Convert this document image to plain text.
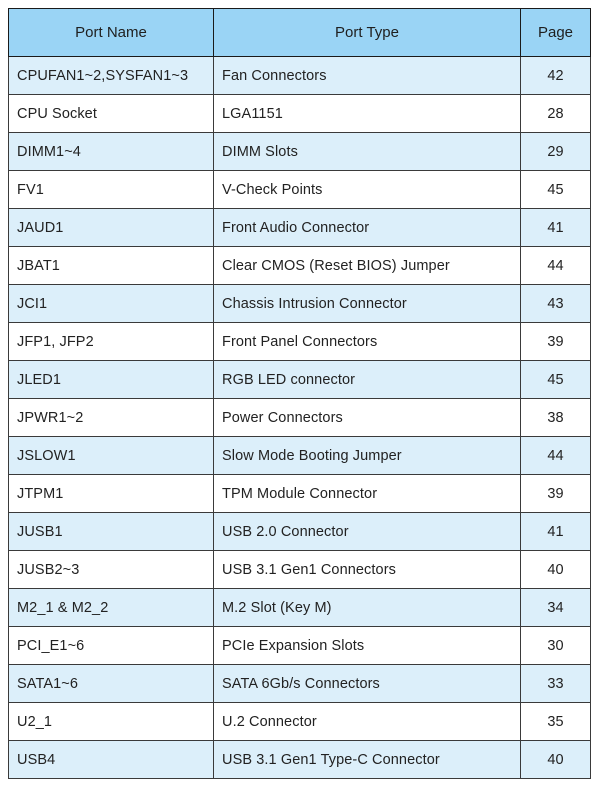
Port Name	Port Type	Page
CPUFAN1~2,SYSFAN1~3	Fan Connectors	42
CPU Socket	LGA1151	28
DIMM1~4	DIMM Slots	29
FV1	V-Check Points	45
JAUD1	Front Audio Connector	41
JBAT1	Clear CMOS (Reset BIOS) Jumper	44
JCI1	Chassis Intrusion Connector	43
JFP1, JFP2	Front Panel Connectors	39
JLED1	RGB LED connector	45
JPWR1~2	Power Connectors	38
JSLOW1	Slow Mode Booting Jumper	44
JTPM1	TPM Module Connector	39
JUSB1	USB 2.0 Connector	41
JUSB2~3	USB 3.1 Gen1 Connectors	40
M2_1 & M2_2	M.2 Slot (Key M)	34
PCI_E1~6	PCIe Expansion Slots	30
SATA1~6	SATA 6Gb/s Connectors	33
U2_1	U.2 Connector	35
USB4	USB 3.1 Gen1 Type-C Connector	40
